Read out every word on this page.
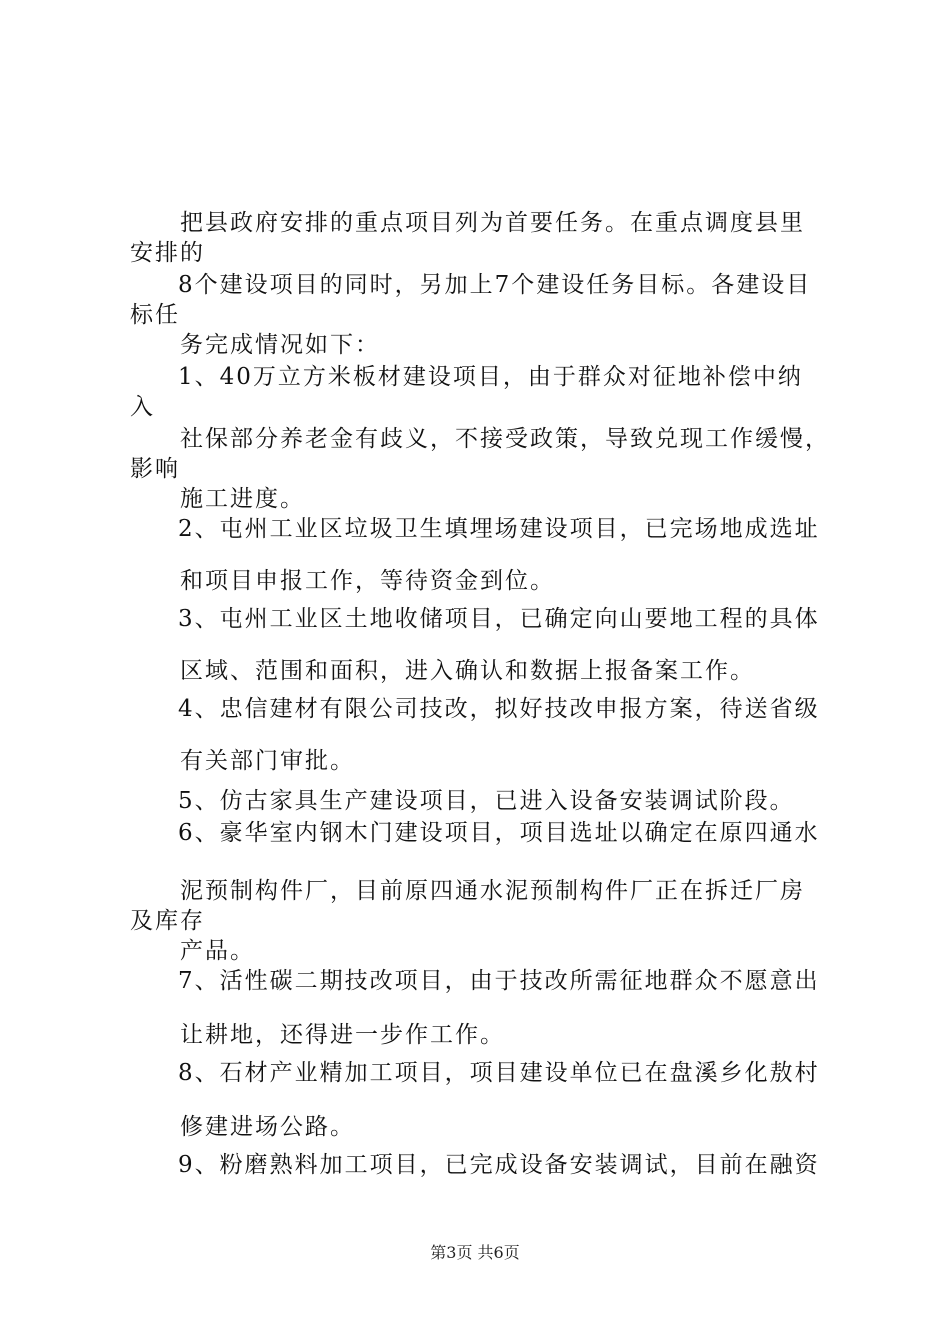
把县政府安排的重点项目列为首要任务。在重点调度县里
安排的
8个建设项目的同时，另加上7个建设任务目标。各建设目
标任
务完成情况如下：
1、40万立方米板材建设项目，由于群众对征地补偿中纳
入
社保部分养老金有歧义，不接受政策，导致兑现工作缓慢，
影响
施工进度。
2、屯州工业区垃圾卫生填埋场建设项目，已完场地成选址
和项目申报工作，等待资金到位。
3、屯州工业区土地收储项目，已确定向山要地工程的具体
区域、范围和面积，进入确认和数据上报备案工作。
4、忠信建材有限公司技改，拟好技改申报方案，待送省级
有关部门审批。
5、仿古家具生产建设项目，已进入设备安装调试阶段。
6、豪华室内钢木门建设项目，项目选址以确定在原四通水
泥预制构件厂，目前原四通水泥预制构件厂正在拆迁厂房
及库存
产品。
7、活性碳二期技改项目，由于技改所需征地群众不愿意出
让耕地，还得进一步作工作。
8、石材产业精加工项目，项目建设单位已在盘溪乡化敖村
修建进场公路。
9、粉磨熟料加工项目，已完成设备安装调试，目前在融资
第3页 共6页
